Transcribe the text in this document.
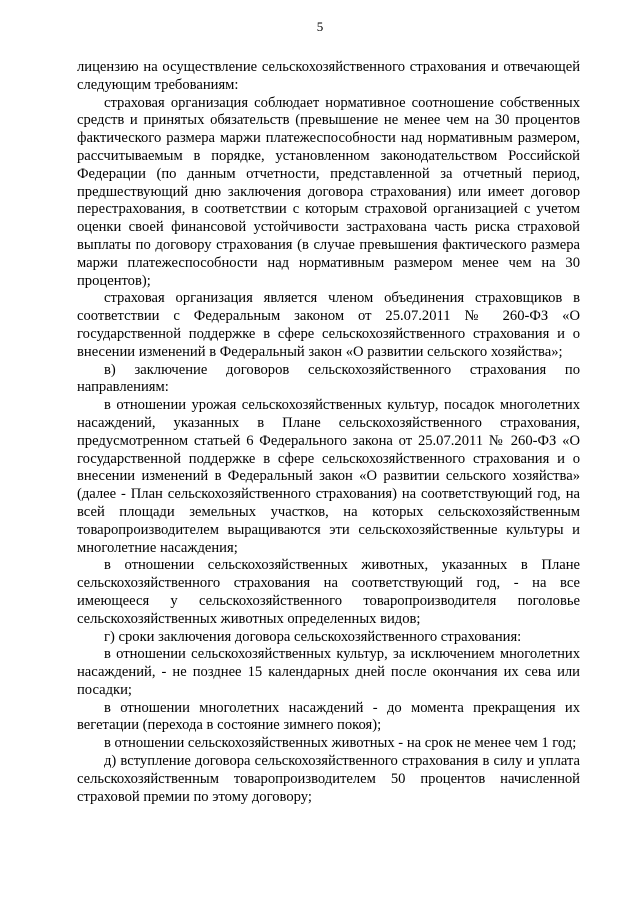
5

лицензию на осуществление сельскохозяйственного страхования и отвечающей следующим требованиям:

страховая организация соблюдает нормативное соотношение собственных средств и принятых обязательств (превышение не менее чем на 30 процентов фактического размера маржи платежеспособности над нормативным размером, рассчитываемым в порядке, установленном законодательством Российской Федерации (по данным отчетности, представленной за отчетный период, предшествующий дню заключения договора страхования) или имеет договор перестрахования, в соответствии с которым страховой организацией с учетом оценки своей финансовой устойчивости застрахована часть риска страховой выплаты по договору страхования (в случае превышения фактического размера маржи платежеспособности над нормативным размером менее чем на 30 процентов);

страховая организация является членом объединения страховщиков в соответствии с Федеральным законом от 25.07.2011 № 260-ФЗ «О государственной поддержке в сфере сельскохозяйственного страхования и о внесении изменений в Федеральный закон «О развитии сельского хозяйства»;

в) заключение договоров сельскохозяйственного страхования по направлениям:

в отношении урожая сельскохозяйственных культур, посадок многолетних насаждений, указанных в Плане сельскохозяйственного страхования, предусмотренном статьей 6 Федерального закона от 25.07.2011 № 260-ФЗ «О государственной поддержке в сфере сельскохозяйственного страхования и о внесении изменений в Федеральный закон «О развитии сельского хозяйства» (далее - План сельскохозяйственного страхования) на соответствующий год, на всей площади земельных участков, на которых сельскохозяйственным товаропроизводителем выращиваются эти сельскохозяйственные культуры и многолетние насаждения;

в отношении сельскохозяйственных животных, указанных в Плане сельскохозяйственного страхования на соответствующий год, - на все имеющееся у сельскохозяйственного товаропроизводителя поголовье сельскохозяйственных животных определенных видов;

г) сроки заключения договора сельскохозяйственного страхования:

в отношении сельскохозяйственных культур, за исключением многолетних насаждений, - не позднее 15 календарных дней после окончания их сева или посадки;

в отношении многолетних насаждений - до момента прекращения их вегетации (перехода в состояние зимнего покоя);

в отношении сельскохозяйственных животных - на срок не менее чем 1 год;

д) вступление договора сельскохозяйственного страхования в силу и уплата сельскохозяйственным товаропроизводителем 50 процентов начисленной страховой премии по этому договору;
